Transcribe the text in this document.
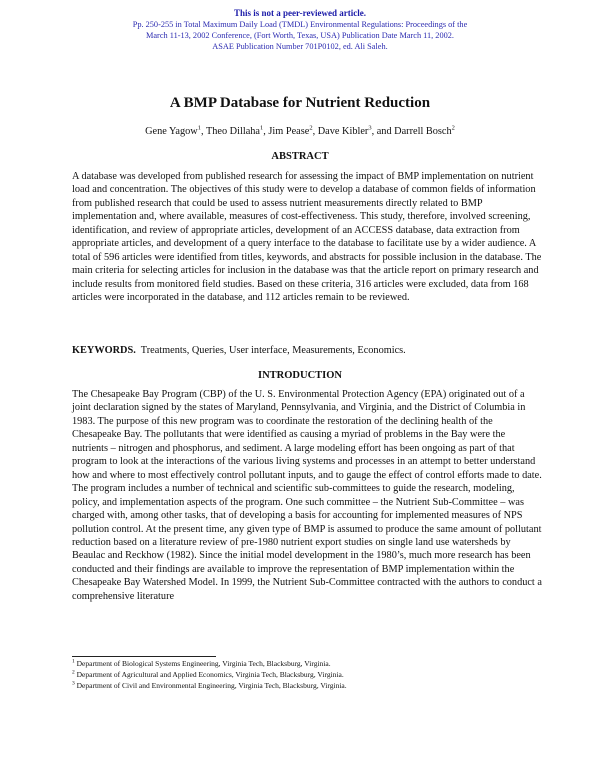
This is not a peer-reviewed article.
Pp. 250-255 in Total Maximum Daily Load (TMDL) Environmental Regulations: Proceedings of the
March 11-13, 2002 Conference, (Fort Worth, Texas, USA) Publication Date March 11, 2002.
ASAE Publication Number 701P0102, ed. Ali Saleh.
A BMP Database for Nutrient Reduction
Gene Yagow$^1$, Theo Dillaha$^1$, Jim Pease$^2$, Dave Kibler$^3$, and Darrell Bosch$^2$
ABSTRACT

A database was developed from published research for assessing the impact of BMP implementation on nutrient load and concentration. The objectives of this study were to develop a database of common fields of information from published research that could be used to assess nutrient measurements directly related to BMP implementation and, where available, measures of cost-effectiveness. This study, therefore, involved screening, identification, and review of appropriate articles, development of an ACCESS database, data extraction from appropriate articles, and development of a query interface to the database to facilitate use by a wider audience. A total of 596 articles were identified from titles, keywords, and abstracts for possible inclusion in the database. The main criteria for selecting articles for inclusion in the database was that the article report on primary research and include results from monitored field studies. Based on these criteria, 316 articles were excluded, data from 168 articles were incorporated in the database, and 112 articles remain to be reviewed.

KEYWORDS. Treatments, Queries, User interface, Measurements, Economics.
INTRODUCTION

The Chesapeake Bay Program (CBP) of the U. S. Environmental Protection Agency (EPA) originated out of a joint declaration signed by the states of Maryland, Pennsylvania, and Virginia, and the District of Columbia in 1983. The purpose of this new program was to coordinate the restoration of the declining health of the Chesapeake Bay. The pollutants that were identified as causing a myriad of problems in the Bay were the nutrients – nitrogen and phosphorus, and sediment. A large modeling effort has been ongoing as part of that program to look at the interactions of the various living systems and processes in an attempt to better understand how and where to most effectively control pollutant inputs, and to gauge the effect of control efforts made to date. The program includes a number of technical and scientific sub-committees to guide the research, modeling, policy, and implementation aspects of the program. One such committee – the Nutrient Sub-Committee – was charged with, among other tasks, that of developing a basis for accounting for implemented measures of NPS pollution control. At the present time, any given type of BMP is assumed to produce the same amount of pollutant reduction based on a literature review of pre-1980 nutrient export studies on single land use watersheds by Beaulac and Reckhow (1982). Since the initial model development in the 1980’s, much more research has been conducted and their findings are available to improve the representation of BMP implementation within the Chesapeake Bay Watershed Model. In 1999, the Nutrient Sub-Committee contracted with the authors to conduct a comprehensive literature

$^1$ Department of Biological Systems Engineering, Virginia Tech, Blacksburg, Virginia.
$^2$ Department of Agricultural and Applied Economics, Virginia Tech, Blacksburg, Virginia.
$^3$ Department of Civil and Environmental Engineering, Virginia Tech, Blacksburg, Virginia.
